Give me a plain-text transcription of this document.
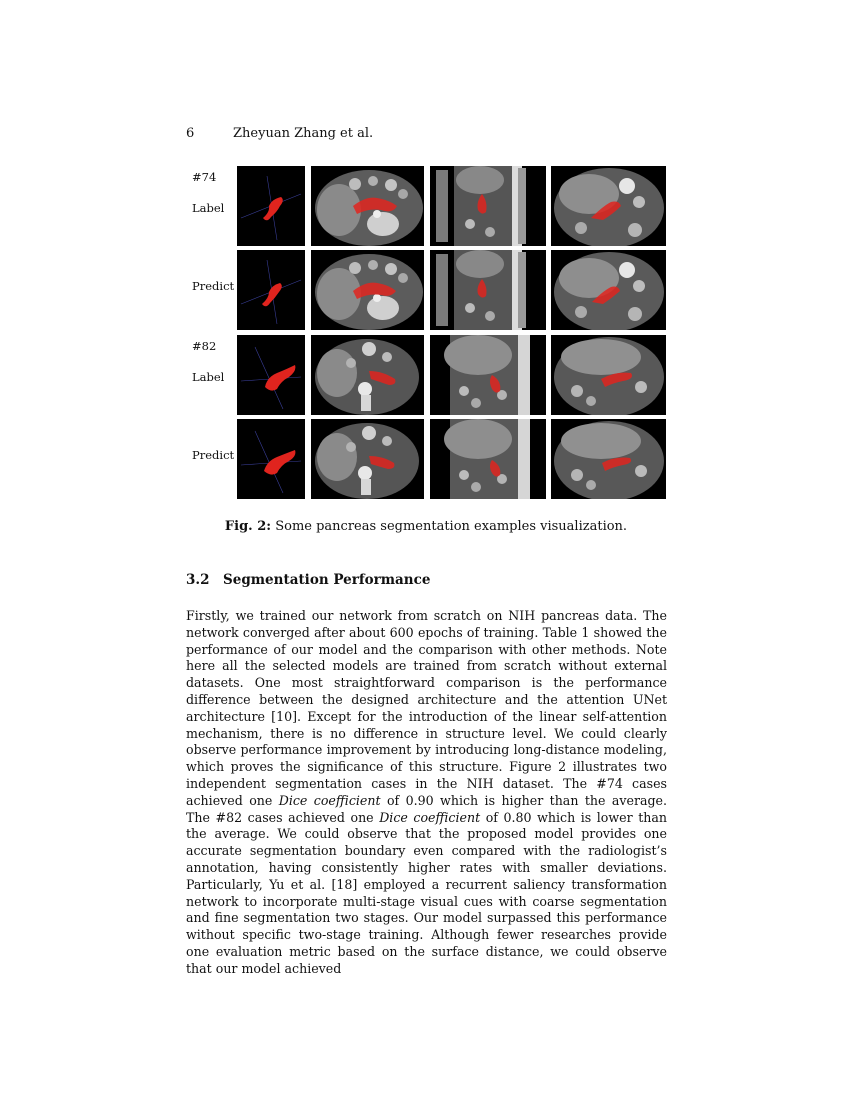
6	Zheyuan Zhang et al.
#74
Label
Predict
#82
Label
Predict
Fig. 2: Some pancreas segmentation examples visualization.
3.2 Segmentation Performance
Firstly, we trained our network from scratch on NIH pancreas data. The network converged after about 600 epochs of training. Table 1 showed the performance of our model and the comparison with other methods. Note here all the selected models are trained from scratch without external datasets. One most straightforward comparison is the performance difference between the designed architecture and the attention UNet architecture [10]. Except for the introduction of the linear self-attention mechanism, there is no difference in structure level. We could clearly observe performance improvement by introducing long-distance modeling, which proves the significance of this structure. Figure 2 illustrates two independent segmentation cases in the NIH dataset. The #74 cases achieved one Dice coefficient of 0.90 which is higher than the average. The #82 cases achieved one Dice coefficient of 0.80 which is lower than the average. We could observe that the proposed model provides one accurate segmentation boundary even compared with the radiologist’s annotation, having consistently higher rates with smaller deviations. Particularly, Yu et al. [18] employed a recurrent saliency transformation network to incorporate multi-stage visual cues with coarse segmentation and fine segmentation two stages. Our model surpassed this performance without specific two-stage training. Although fewer researches provide one evaluation metric based on the surface distance, we could observe that our model achieved
